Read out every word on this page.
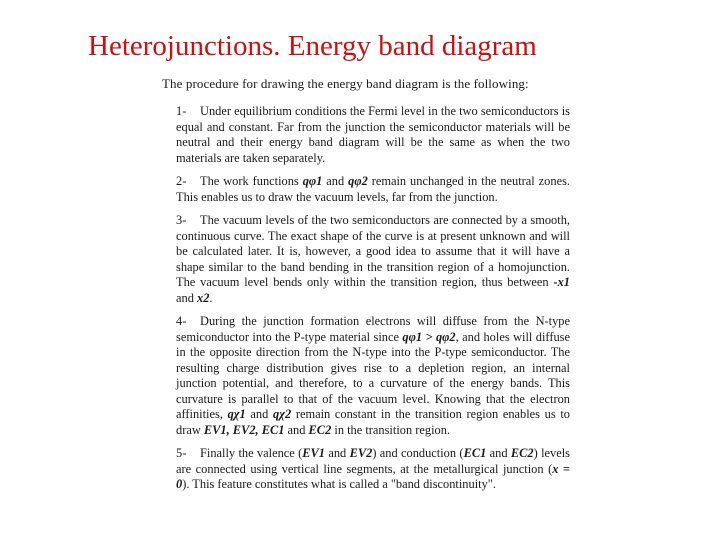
Heterojunctions. Energy band diagram

The procedure for drawing the energy band diagram is the following:

1- Under equilibrium conditions the Fermi level in the two semiconductors is equal and constant. Far from the junction the semiconductor materials will be neutral and their energy band diagram will be the same as when the two materials are taken separately.

2- The work functions qφ1 and qφ2 remain unchanged in the neutral zones. This enables us to draw the vacuum levels, far from the junction.

3- The vacuum levels of the two semiconductors are connected by a smooth, continuous curve. The exact shape of the curve is at present unknown and will be calculated later. It is, however, a good idea to assume that it will have a shape similar to the band bending in the transition region of a homojunction. The vacuum level bends only within the transition region, thus between -x1 and x2.

4- During the junction formation electrons will diffuse from the N-type semiconductor into the P-type material since qφ1 > qφ2, and holes will diffuse in the opposite direction from the N-type into the P-type semiconductor. The resulting charge distribution gives rise to a depletion region, an internal junction potential, and therefore, to a curvature of the energy bands. This curvature is parallel to that of the vacuum level. Knowing that the electron affinities, qχ1 and qχ2 remain constant in the transition region enables us to draw EV1, EV2, EC1 and EC2 in the transition region.

5- Finally the valence (EV1 and EV2) and conduction (EC1 and EC2) levels are connected using vertical line segments, at the metallurgical junction (x = 0). This feature constitutes what is called a "band discontinuity".
